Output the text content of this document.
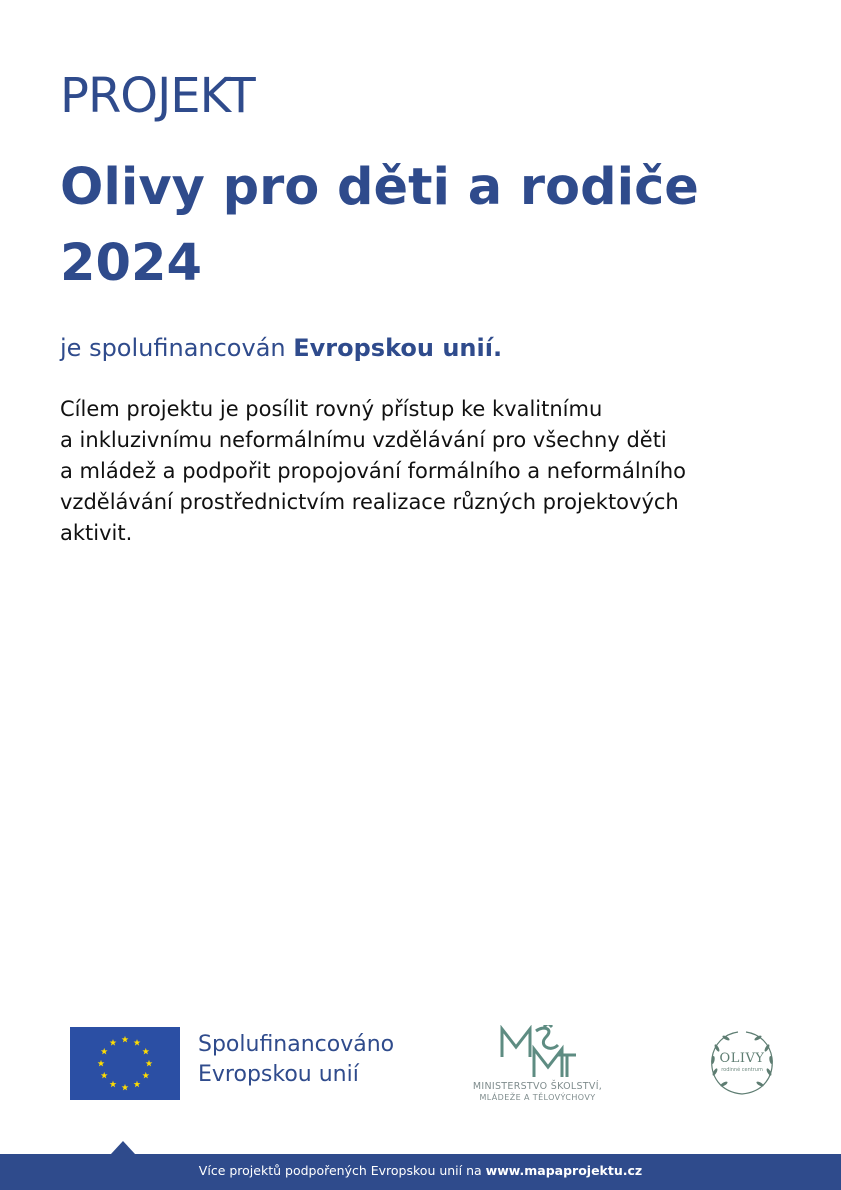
PROJEKT
Olivy pro děti a rodiče
2024
je spolufinancován Evropskou unií.
Cílem projektu je posílit rovný přístup ke kvalitnímu
a inkluzivnímu neformálnímu vzdělávání pro všechny děti
a mládež a podpořit propojování formálního a neformálního
vzdělávání prostřednictvím realizace různých projektových
aktivit.
Spolufinancováno
Evropskou unií	MINISTERSTVO ŠKOLSTVÍ,
MLÁDEŽE A TĚLOVÝCHOVY
OLIVY
rodinné centrum
Více projektů podpořených Evropskou unií na www.mapaprojektu.cz
